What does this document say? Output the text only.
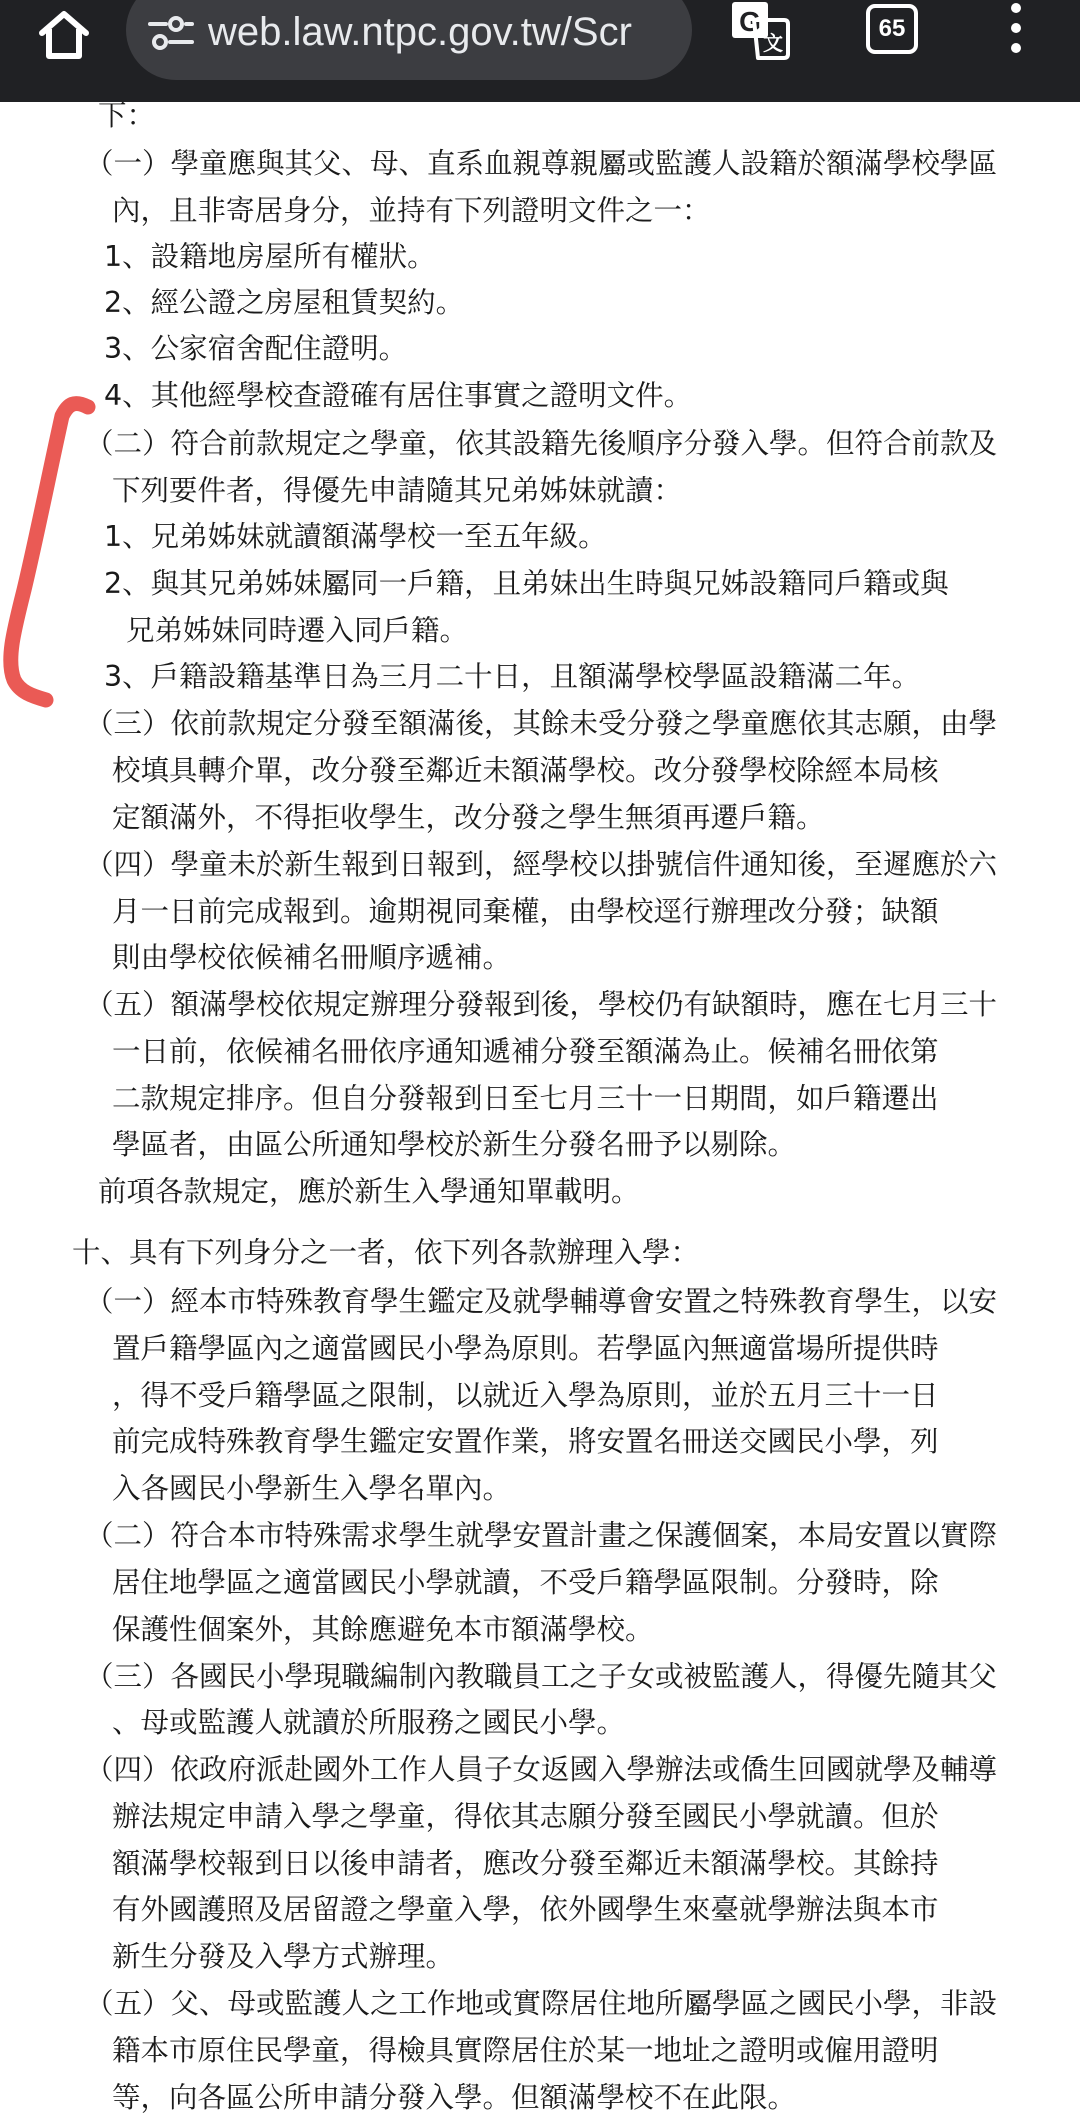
web.law.ntpc.gov.tw/Scr	G
文
65
下：
（一）學童應與其父、母、直系血親尊親屬或監護人設籍於額滿學校學區
內，且非寄居身分，並持有下列證明文件之一：
1、設籍地房屋所有權狀。
2、經公證之房屋租賃契約。
3、公家宿舍配住證明。
4、其他經學校查證確有居住事實之證明文件。
（二）符合前款規定之學童，依其設籍先後順序分發入學。但符合前款及
下列要件者，得優先申請隨其兄弟姊妹就讀：
1、兄弟姊妹就讀額滿學校一至五年級。
2、與其兄弟姊妹屬同一戶籍，且弟妹出生時與兄姊設籍同戶籍或與
兄弟姊妹同時遷入同戶籍。
3、戶籍設籍基準日為三月二十日，且額滿學校學區設籍滿二年。
（三）依前款規定分發至額滿後，其餘未受分發之學童應依其志願，由學
校填具轉介單，改分發至鄰近未額滿學校。改分發學校除經本局核
定額滿外，不得拒收學生，改分發之學生無須再遷戶籍。
（四）學童未於新生報到日報到，經學校以掛號信件通知後，至遲應於六
月一日前完成報到。逾期視同棄權，由學校逕行辦理改分發；缺額
則由學校依候補名冊順序遞補。
（五）額滿學校依規定辦理分發報到後，學校仍有缺額時，應在七月三十
一日前，依候補名冊依序通知遞補分發至額滿為止。候補名冊依第
二款規定排序。但自分發報到日至七月三十一日期間，如戶籍遷出
學區者，由區公所通知學校於新生分發名冊予以剔除。
前項各款規定，應於新生入學通知單載明。
十、具有下列身分之一者，依下列各款辦理入學：
（一）經本市特殊教育學生鑑定及就學輔導會安置之特殊教育學生，以安
置戶籍學區內之適當國民小學為原則。若學區內無適當場所提供時
，得不受戶籍學區之限制，以就近入學為原則，並於五月三十一日
前完成特殊教育學生鑑定安置作業，將安置名冊送交國民小學，列
入各國民小學新生入學名單內。
（二）符合本市特殊需求學生就學安置計畫之保護個案，本局安置以實際
居住地學區之適當國民小學就讀，不受戶籍學區限制。分發時，除
保護性個案外，其餘應避免本市額滿學校。
（三）各國民小學現職編制內教職員工之子女或被監護人，得優先隨其父
、母或監護人就讀於所服務之國民小學。
（四）依政府派赴國外工作人員子女返國入學辦法或僑生回國就學及輔導
辦法規定申請入學之學童，得依其志願分發至國民小學就讀。但於
額滿學校報到日以後申請者，應改分發至鄰近未額滿學校。其餘持
有外國護照及居留證之學童入學，依外國學生來臺就學辦法與本市
新生分發及入學方式辦理。
（五）父、母或監護人之工作地或實際居住地所屬學區之國民小學，非設
籍本市原住民學童，得檢具實際居住於某一地址之證明或僱用證明
等，向各區公所申請分發入學。但額滿學校不在此限。
